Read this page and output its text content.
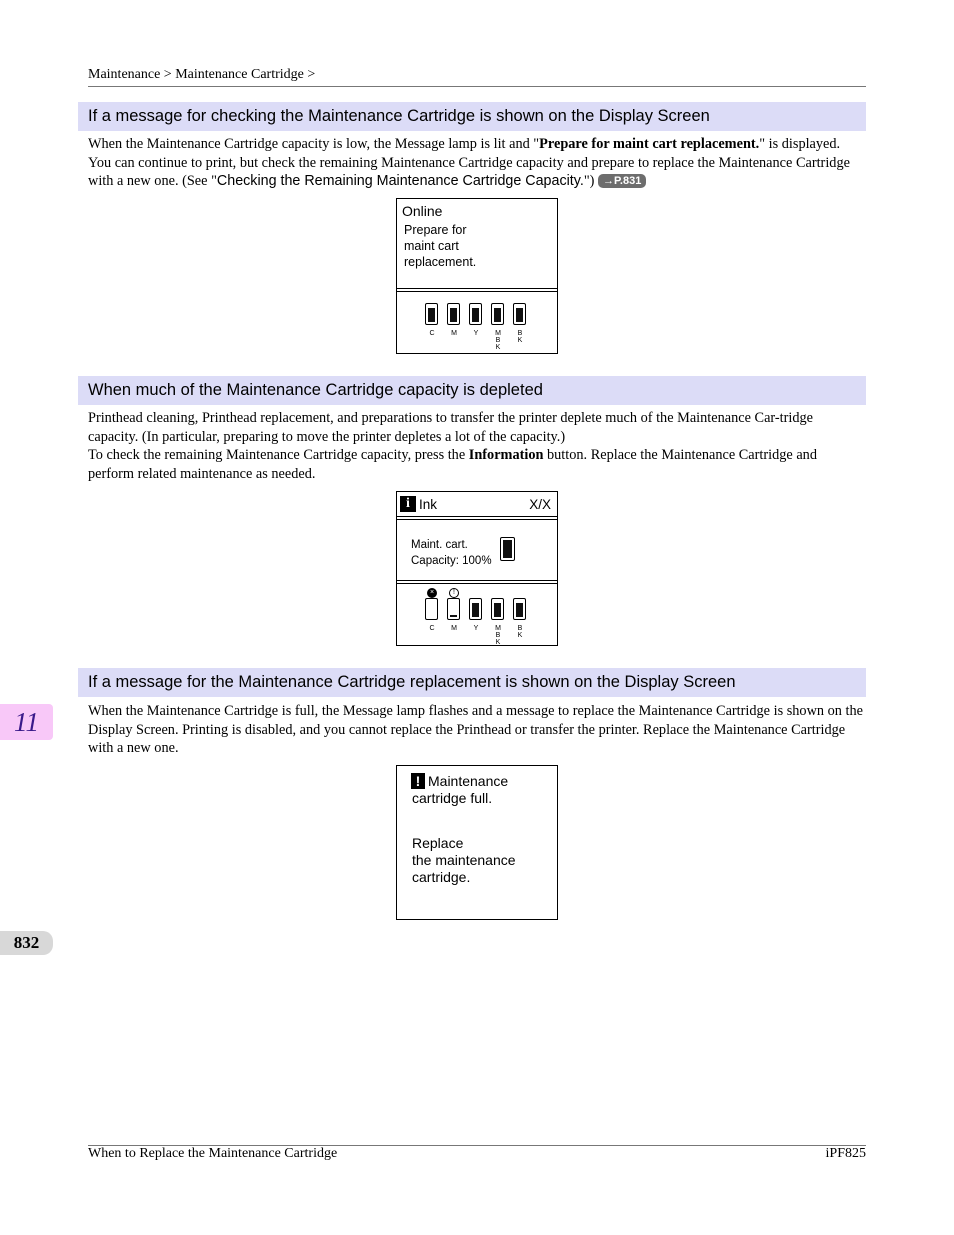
Maintenance > Maintenance Cartridge >
If a message for checking the Maintenance Cartridge is shown on the Display Screen
When the Maintenance Cartridge capacity is low, the Message lamp is lit and "Prepare for maint cart replacement." is displayed. You can continue to print, but check the remaining Maintenance Cartridge capacity and prepare to replace the Maintenance Cartridge with a new one. (See "Checking the Remaining Maintenance Cartridge Capacity.") →P.831
Online
Prepare for
maint cart
replacement.
C	M	Y	M
B
K
B
K
When much of the Maintenance Cartridge capacity is depleted
Printhead cleaning, Printhead replacement, and preparations to transfer the printer deplete much of the Maintenance Car-tridge capacity. (In particular, preparing to move the printer depletes a lot of the capacity.)
To check the remaining Maintenance Cartridge capacity, press the Information button. Replace the Maintenance Cartridge and perform related maintenance as needed.
i Ink	X/X
Maint. cart.
Capacity: 100%
×
C
!
M	Y	M
B
K
B
K
If a message for the Maintenance Cartridge replacement is shown on the Display Screen
When the Maintenance Cartridge is full, the Message lamp flashes and a message to replace the Maintenance Cartridge is shown on the Display Screen. Printing is disabled, and you cannot replace the Printhead or transfer the printer. Replace the Maintenance Cartridge with a new one.
! Maintenance
cartridge full.
Replace
the maintenance
cartridge.
11
832
When to Replace the Maintenance Cartridge	iPF825
